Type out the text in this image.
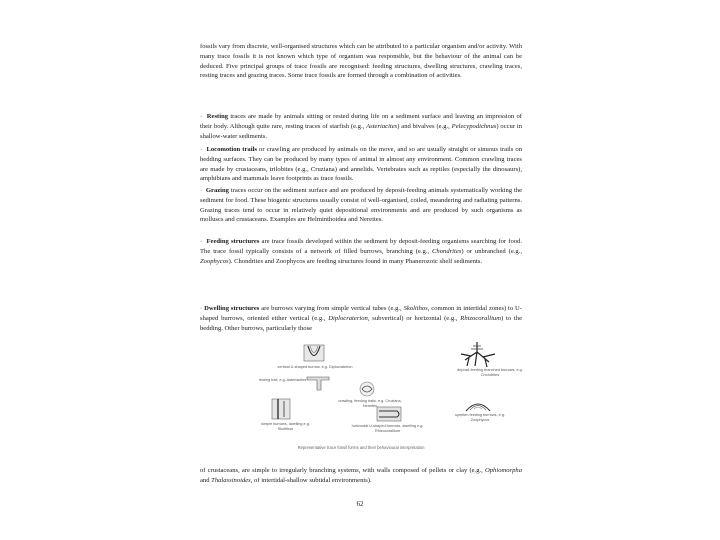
fossils vary from discrete, well-organised structures which can be attributed to a particular organism and/or activity. With many trace fossils it is not known which type of organism was responsible, but the behaviour of the animal can be deduced. Five principal groups of trace fossils are recognised: feeding structures, dwelling structures, crawling traces, resting traces and grazing traces. Some trace fossils are formed through a combination of activities.

· Resting traces are made by animals sitting or rested during life on a sediment surface and leaving an impression of their body. Although quite rare, resting traces of starfish (e.g., Asteriacites) and bivalves (e.g., Pelecypodichnus) occur in shallow-water sediments.

· Locomotion trails or crawling are produced by animals on the move, and so are usually straight or sinuous trails on bedding surfaces. They can be produced by many types of animal in almost any environment. Common crawling traces are made by crustaceans, trilobites (e.g., Cruziana) and annelids. Vertebrates such as reptiles (especially the dinosaurs), amphibians and mammals leave footprints as trace fossils.

· Grazing traces occur on the sediment surface and are produced by deposit-feeding animals systematically working the sediment for food. These biogenic structures usually consist of well-organised, coiled, meandering and radiating patterns. Grazing traces tend to occur in relatively quiet depositional environments and are produced by such organisms as molluscs and crustaceans. Examples are Helminthoidea and Nereites.

· Feeding structures are trace fossils developed within the sediment by deposit-feeding organisms searching for food. The trace fossil typically consists of a network of filled burrows, branching (e.g., Chondrites) or unbranched (e.g., Zoophycos). Chondrites and Zoophycos are feeding structures found in many Phanerozoic shelf sediments.

· Dwelling structures are burrows varying from simple vertical tubes (e.g., Skolithos, common in intertidal zones) to U-shaped burrows, oriented either vertical (e.g., Diplocraterion, subvertical) or horizontal (e.g., Rhizocorallium) to the bedding. Other burrows, particularly those

vertical U-shaped burrow, e.g. Diplocraterion
deposit feeding branched burrows, e.g. Chondrites
resting trail, e.g. Asteriacites
crawling, feeding trails, e.g. Cruziana, Nereites
simple burrows, dwelling e.g. Skolithos
horizontal U-shaped burrows, dwelling e.g. Rhizocorallium
spreiten feeding burrows, e.g. Zoophycos
Representative trace fossil forms and their behavioural interpretation

of crustaceans, are simple to irregularly branching systems, with walls composed of pellets or clay (e.g., Ophiomorpha and Thalassinoides, of intertidal-shallow subtidal environments).

62
